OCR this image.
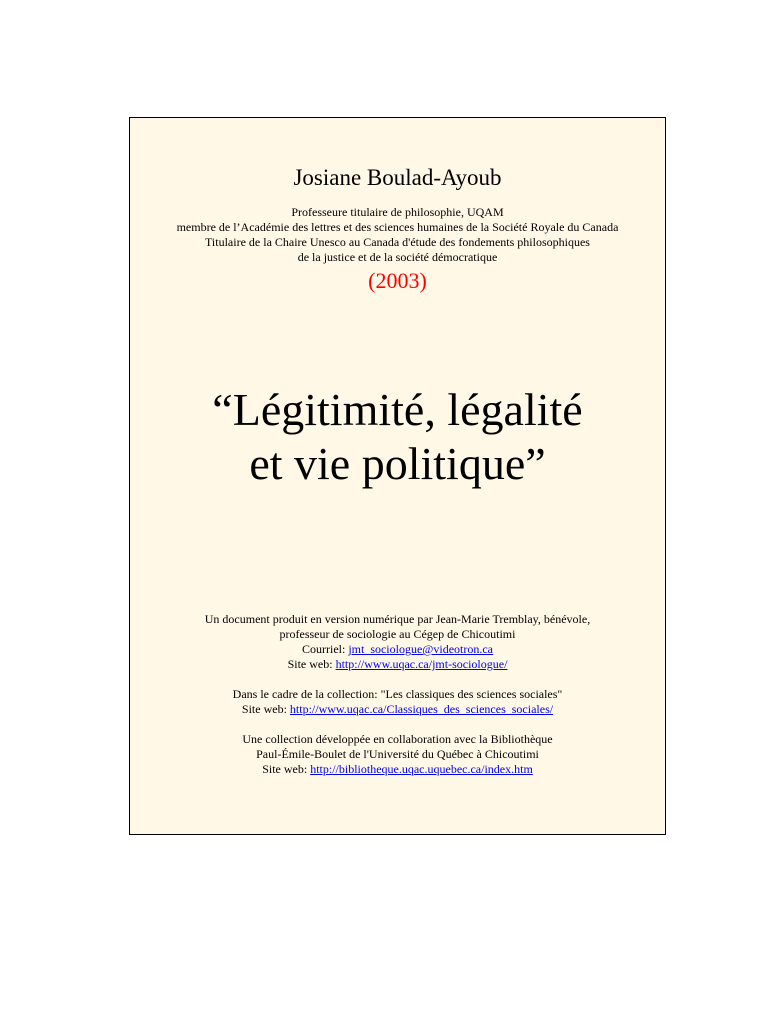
Josiane Boulad-Ayoub
Professeure titulaire de philosophie, UQAM
membre de l’Académie des lettres et des sciences humaines de la Société Royale du Canada
Titulaire de la Chaire Unesco au Canada d'étude des fondements philosophiques
de la justice et de la société démocratique
(2003)
“Légitimité, légalité
et vie politique”
Un document produit en version numérique par Jean-Marie Tremblay, bénévole,
professeur de sociologie au Cégep de Chicoutimi
Courriel: jmt_sociologue@videotron.ca
Site web: http://www.uqac.ca/jmt-sociologue/
Dans le cadre de la collection: "Les classiques des sciences sociales"
Site web: http://www.uqac.ca/Classiques_des_sciences_sociales/
Une collection développée en collaboration avec la Bibliothèque
Paul-Émile-Boulet de l'Université du Québec à Chicoutimi
Site web: http://bibliotheque.uqac.uquebec.ca/index.htm
